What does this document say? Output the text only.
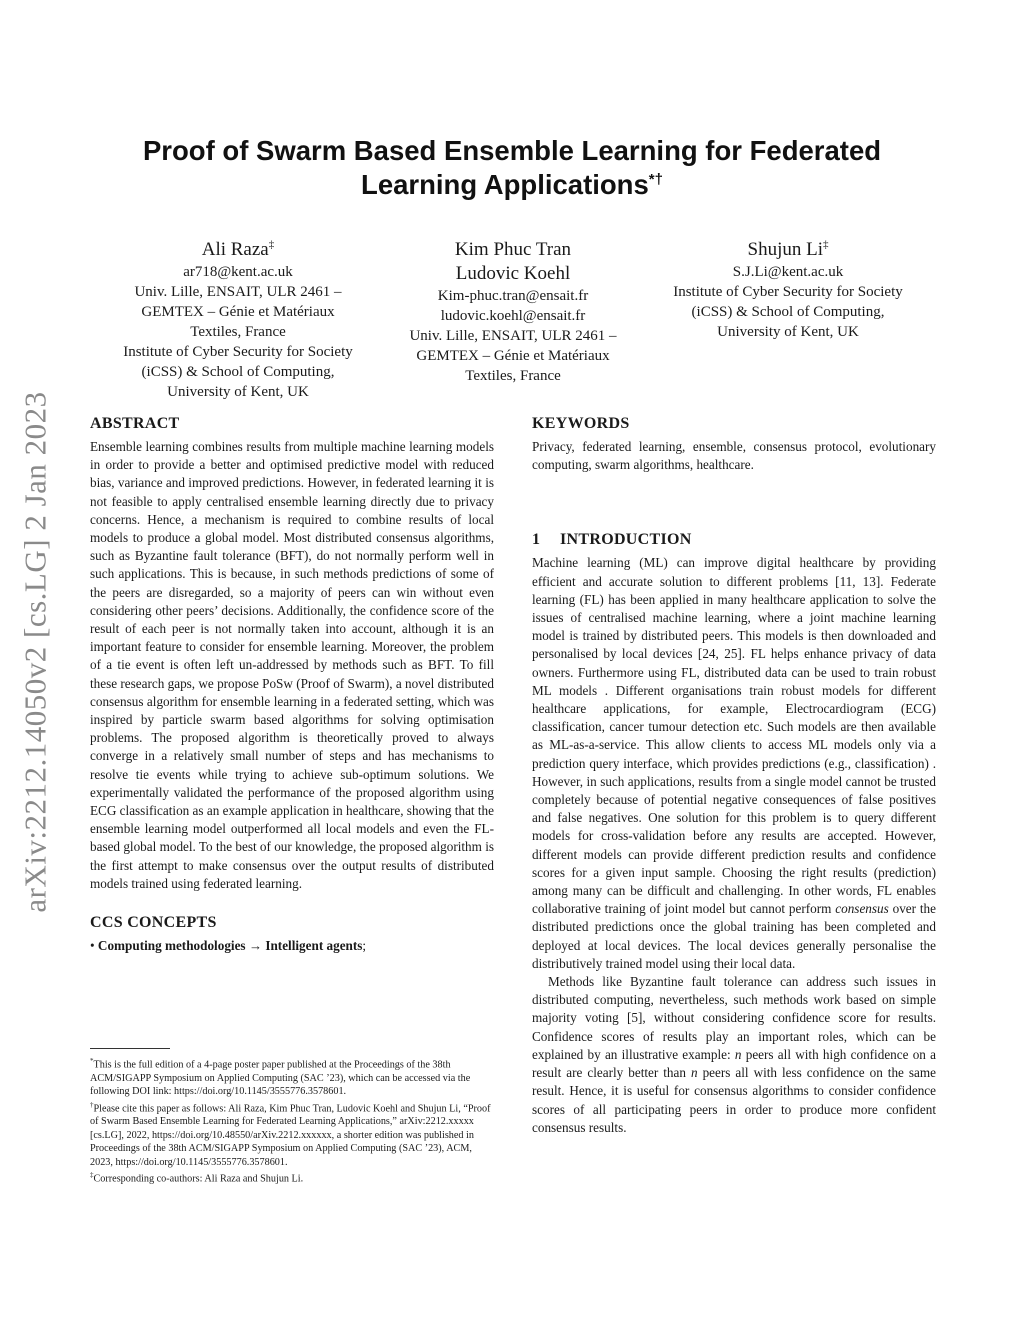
arXiv:2212.14050v2 [cs.LG] 2 Jan 2023
Proof of Swarm Based Ensemble Learning for Federated
Learning Applications*†
Ali Raza‡
ar718@kent.ac.uk
Univ. Lille, ENSAIT, ULR 2461 –
GEMTEX – Génie et Matériaux
Textiles, France
Institute of Cyber Security for Society
(iCSS) & School of Computing,
University of Kent, UK
Kim Phuc Tran
Ludovic Koehl
Kim-phuc.tran@ensait.fr
ludovic.koehl@ensait.fr
Univ. Lille, ENSAIT, ULR 2461 –
GEMTEX – Génie et Matériaux
Textiles, France
Shujun Li‡
S.J.Li@kent.ac.uk
Institute of Cyber Security for Society
(iCSS) & School of Computing,
University of Kent, UK
ABSTRACT

Ensemble learning combines results from multiple machine learning models in order to provide a better and optimised predictive model with reduced bias, variance and improved predictions. However, in federated learning it is not feasible to apply centralised ensemble learning directly due to privacy concerns. Hence, a mechanism is required to combine results of local models to produce a global model. Most distributed consensus algorithms, such as Byzantine fault tolerance (BFT), do not normally perform well in such applications. This is because, in such methods predictions of some of the peers are disregarded, so a majority of peers can win without even considering other peers’ decisions. Additionally, the confidence score of the result of each peer is not normally taken into account, although it is an important feature to consider for ensemble learning. Moreover, the problem of a tie event is often left un-addressed by methods such as BFT. To fill these research gaps, we propose PoSw (Proof of Swarm), a novel distributed consensus algorithm for ensemble learning in a federated setting, which was inspired by particle swarm based algorithms for solving optimisation problems. The proposed algorithm is theoretically proved to always converge in a relatively small number of steps and has mechanisms to resolve tie events while trying to achieve sub-optimum solutions. We experimentally validated the performance of the proposed algorithm using ECG classification as an example application in healthcare, showing that the ensemble learning model outperformed all local models and even the FL-based global model. To the best of our knowledge, the proposed algorithm is the first attempt to make consensus over the output results of distributed models trained using federated learning.

CCS CONCEPTS
• Computing methodologies → Intelligent agents;

*This is the full edition of a 4-page poster paper published at the Proceedings of the 38th ACM/SIGAPP Symposium on Applied Computing (SAC ’23), which can be accessed via the following DOI link: https://doi.org/10.1145/3555776.3578601.

†Please cite this paper as follows: Ali Raza, Kim Phuc Tran, Ludovic Koehl and Shujun Li, “Proof of Swarm Based Ensemble Learning for Federated Learning Applications,” arXiv:2212.xxxxx [cs.LG], 2022, https://doi.org/10.48550/arXiv.2212.xxxxxx, a shorter edition was published in Proceedings of the 38th ACM/SIGAPP Symposium on Applied Computing (SAC ’23), ACM, 2023, https://doi.org/10.1145/3555776.3578601.

‡Corresponding co-authors: Ali Raza and Shujun Li.

KEYWORDS

Privacy, federated learning, ensemble, consensus protocol, evolutionary computing, swarm algorithms, healthcare.

1 INTRODUCTION

Machine learning (ML) can improve digital healthcare by providing efficient and accurate solution to different problems [11, 13]. Federate learning (FL) has been applied in many healthcare application to solve the issues of centralised machine learning, where a joint machine learning model is trained by distributed peers. This models is then downloaded and personalised by local devices [24, 25]. FL helps enhance privacy of data owners. Furthermore using FL, distributed data can be used to train robust ML models . Different organisations train robust models for different healthcare applications, for example, Electrocardiogram (ECG) classification, cancer tumour detection etc. Such models are then available as ML-as-a-service. This allow clients to access ML models only via a prediction query interface, which provides predictions (e.g., classification) . However, in such applications, results from a single model cannot be trusted completely because of potential negative consequences of false positives and false negatives. One solution for this problem is to query different models for cross-validation before any results are accepted. However, different models can provide different prediction results and confidence scores for a given input sample. Choosing the right results (prediction) among many can be difficult and challenging. In other words, FL enables collaborative training of joint model but cannot perform consensus over the distributed predictions once the global training has been completed and deployed at local devices. The local devices generally personalise the distributively trained model using their local data.

Methods like Byzantine fault tolerance can address such issues in distributed computing, nevertheless, such methods work based on simple majority voting [5], without considering confidence score for results. Confidence scores of results play an important roles, which can be explained by an illustrative example: n peers all with high confidence on a result are clearly better than n peers all with less confidence on the same result. Hence, it is useful for consensus algorithms to consider confidence scores of all participating peers in order to produce more confident consensus results.
